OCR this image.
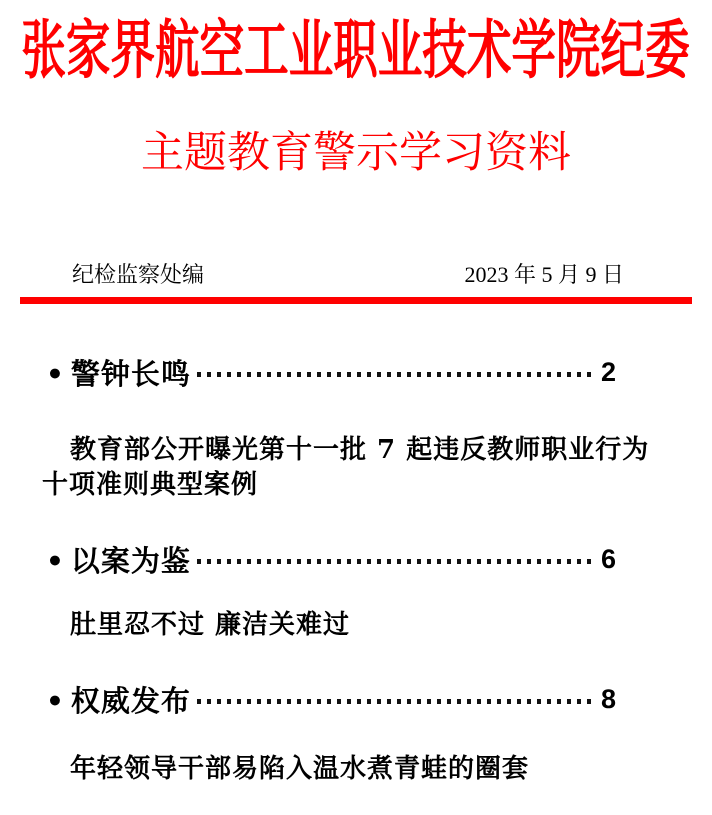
张家界航空工业职业技术学院纪委
主题教育警示学习资料
纪检监察处编	2023 年 5 月 9 日
● 警钟长鸣	2
教育部公开曝光第十一批 7 起违反教师职业行为十项准则典型案例
● 以案为鉴	6
肚里忍不过 廉洁关难过
● 权威发布	8
年轻领导干部易陷入温水煮青蛙的圈套
